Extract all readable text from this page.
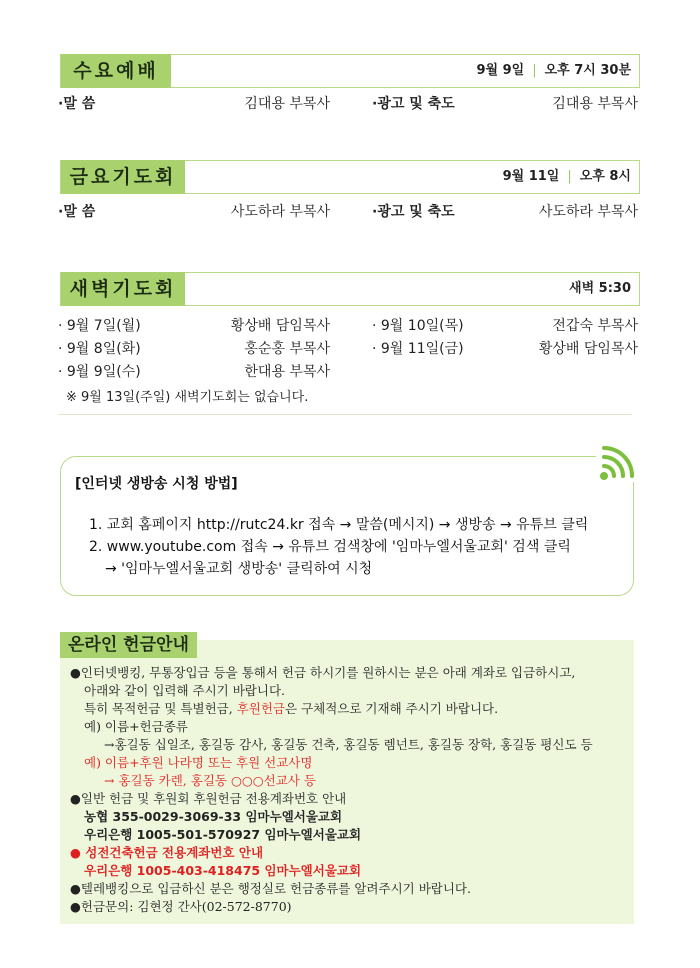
수요예배	9월 9일 | 오후 7시 30분
·말 씀	김대용 부목사	·광고 및 축도	김대용 부목사
금요기도회	9월 11일 | 오후 8시
·말 씀	사도하라 부목사	·광고 및 축도	사도하라 부목사
새벽기도회	새벽 5:30
· 9월 7일(월)	황상배 담임목사
· 9월 8일(화)	홍순홍 부목사
· 9월 9일(수)	한대용 부목사
· 9월 10일(목)	전갑숙 부목사
· 9월 11일(금)	황상배 담임목사
※ 9월 13일(주일) 새벽기도회는 없습니다.
[인터넷 생방송 시청 방법]
1. 교회 홈페이지 http://rutc24.kr 접속 → 말씀(메시지) → 생방송 → 유튜브 클릭
2. www.youtube.com 접속 → 유튜브 검색창에 '임마누엘서울교회' 검색 클릭
→ '임마누엘서울교회 생방송' 클릭하여 시청
온라인 헌금안내
●인터넷뱅킹, 무통장입금 등을 통해서 헌금 하시기를 원하시는 분은 아래 계좌로 입금하시고,
아래와 같이 입력해 주시기 바랍니다.
특히 목적헌금 및 특별헌금, 후원헌금은 구체적으로 기재해 주시기 바랍니다.
예) 이름+헌금종류
→홍길동 십일조, 홍길동 감사, 홍길동 건축, 홍길동 렘넌트, 홍길동 장학, 홍길동 평신도 등
예) 이름+후원 나라명 또는 후원 선교사명
→ 홍길동 카렌, 홍길동 ○○○선교사 등
●일반 헌금 및 후원회 후원헌금 전용계좌번호 안내
농협 355-0029-3069-33 임마누엘서울교회
우리은행 1005-501-570927 임마누엘서울교회
● 성전건축헌금 전용계좌번호 안내
우리은행 1005-403-418475 임마누엘서울교회
●텔레뱅킹으로 입금하신 분은 행정실로 헌금종류를 알려주시기 바랍니다.
●헌금문의: 김현정 간사(02-572-8770)
